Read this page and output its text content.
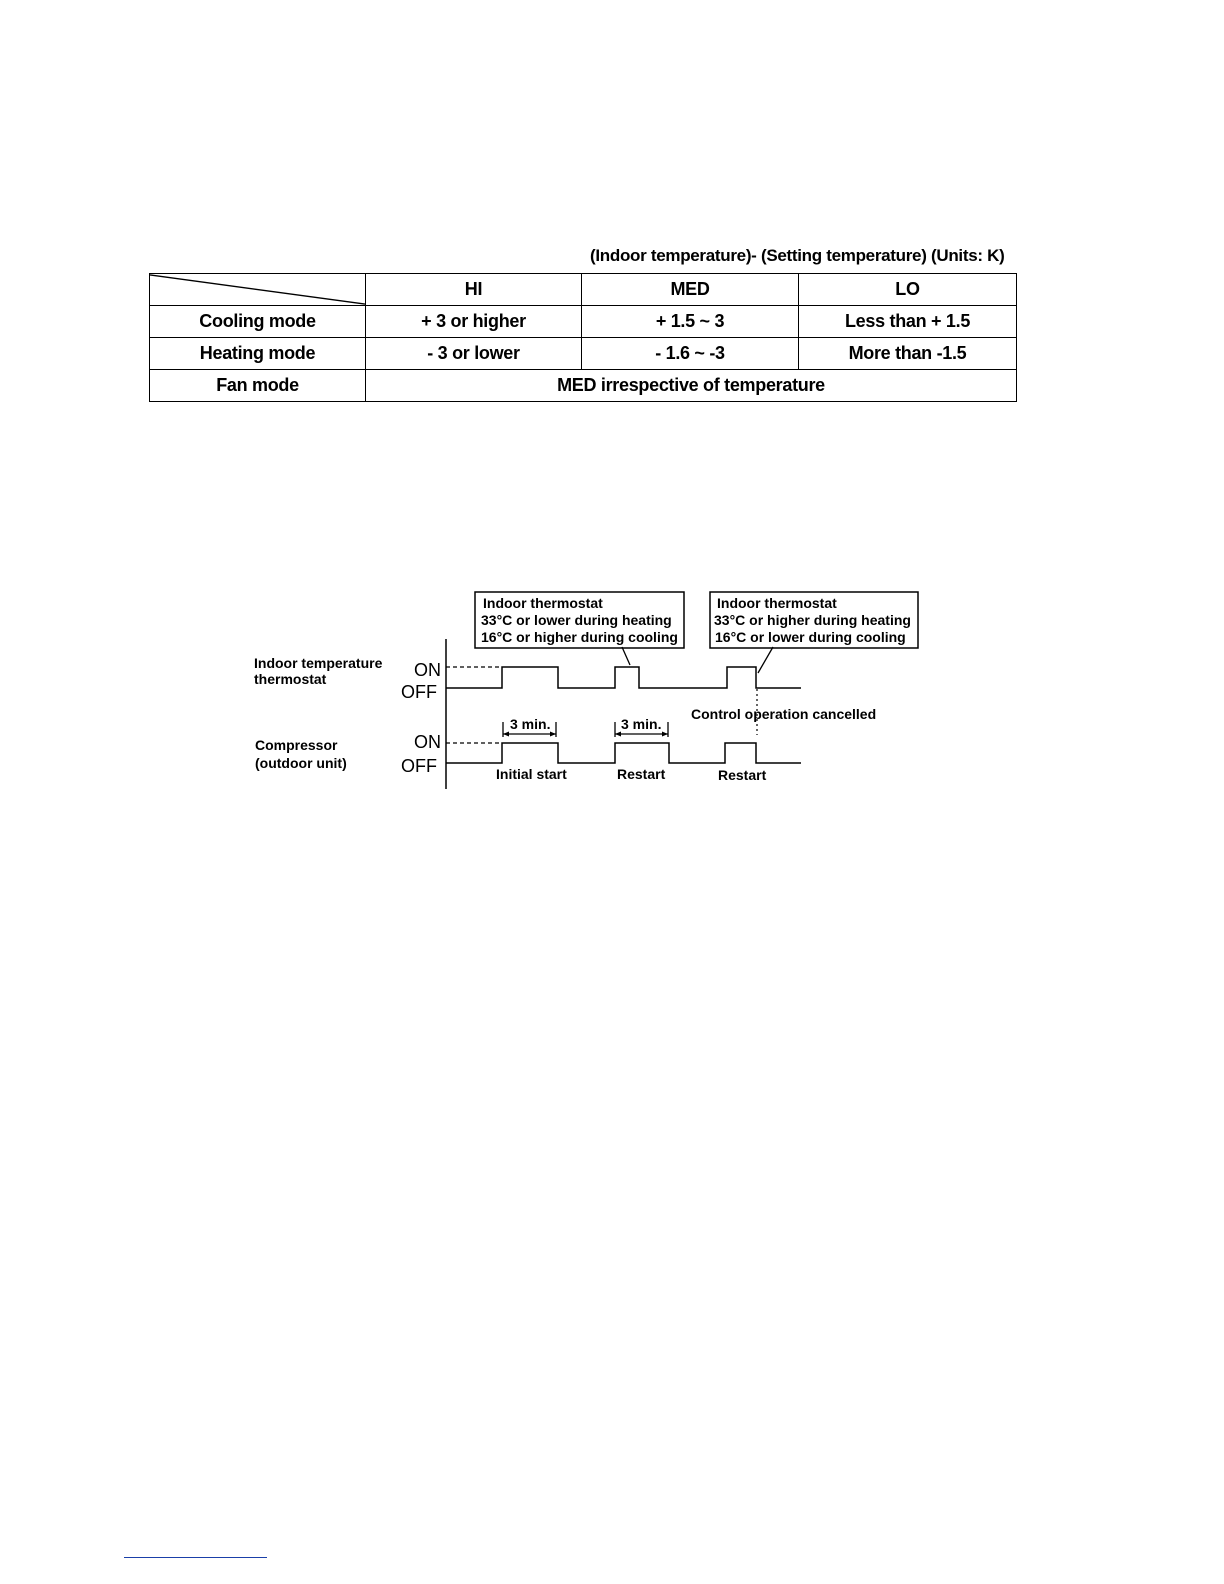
(Indoor temperature)- (Setting temperature) (Units: K)
	HI	MED	LO
Cooling mode	+ 3 or higher	+ 1.5 ~ 3	Less than + 1.5
Heating mode	- 3 or lower	- 1.6 ~ -3	More than -1.5
Fan mode	MED irrespective of temperature		
Indoor temperature
thermostat
Compressor
(outdoor unit)
ON
OFF
ON
OFF
Indoor thermostat
33°C or lower during heating
16°C or higher during cooling
Indoor thermostat
33°C or higher during heating
16°C or lower during cooling
Control operation cancelled
3 min.	3 min.
Initial start	Restart	Restart
